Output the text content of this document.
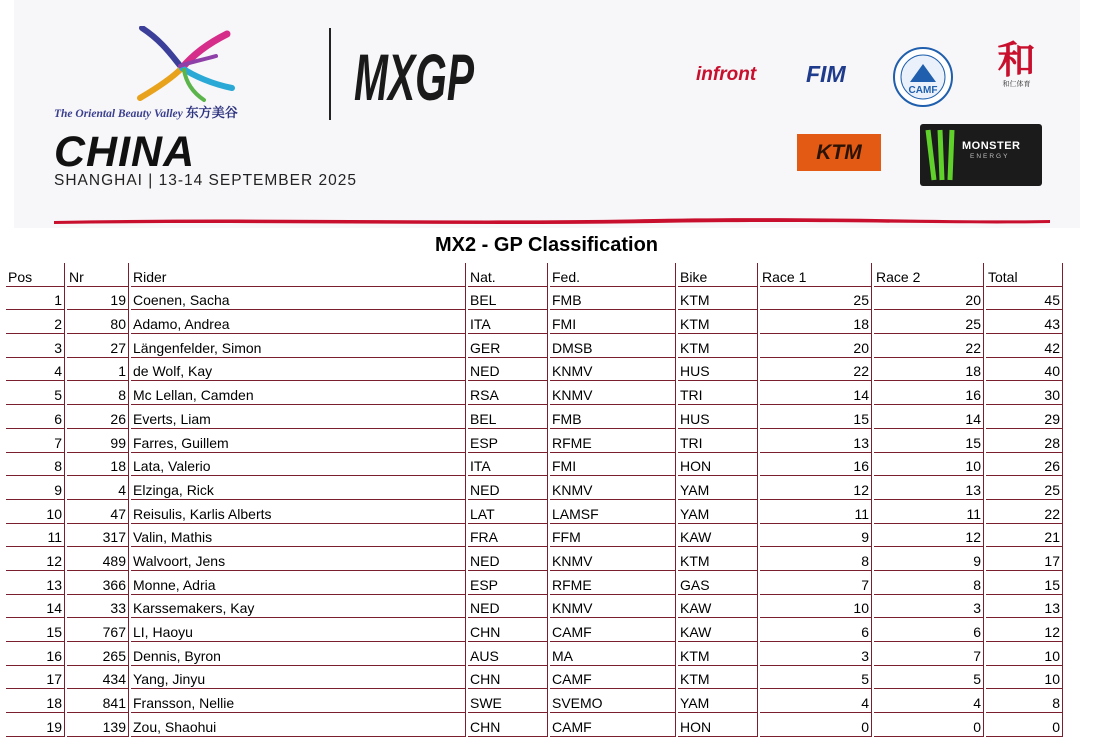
The Oriental Beauty Valley 东方美谷 MXGP
CHINA
SHANGHAI | 13-14 SEPTEMBER 2025
infront FIM
CAMF
和
和仁体育
KTM	MONSTER
ENERGY
MX2 - GP Classification
Pos	Nr	Rider	Nat.	Fed.	Bike	Race 1	Race 2	Total
1	19	Coenen, Sacha	BEL	FMB	KTM	25	20	45
2	80	Adamo, Andrea	ITA	FMI	KTM	18	25	43
3	27	Längenfelder, Simon	GER	DMSB	KTM	20	22	42
4	1	de Wolf, Kay	NED	KNMV	HUS	22	18	40
5	8	Mc Lellan, Camden	RSA	KNMV	TRI	14	16	30
6	26	Everts, Liam	BEL	FMB	HUS	15	14	29
7	99	Farres, Guillem	ESP	RFME	TRI	13	15	28
8	18	Lata, Valerio	ITA	FMI	HON	16	10	26
9	4	Elzinga, Rick	NED	KNMV	YAM	12	13	25
10	47	Reisulis, Karlis Alberts	LAT	LAMSF	YAM	11	11	22
11	317	Valin, Mathis	FRA	FFM	KAW	9	12	21
12	489	Walvoort, Jens	NED	KNMV	KTM	8	9	17
13	366	Monne, Adria	ESP	RFME	GAS	7	8	15
14	33	Karssemakers, Kay	NED	KNMV	KAW	10	3	13
15	767	LI, Haoyu	CHN	CAMF	KAW	6	6	12
16	265	Dennis, Byron	AUS	MA	KTM	3	7	10
17	434	Yang, Jinyu	CHN	CAMF	KTM	5	5	10
18	841	Fransson, Nellie	SWE	SVEMO	YAM	4	4	8
19	139	Zou, Shaohui	CHN	CAMF	HON	0	0	0
